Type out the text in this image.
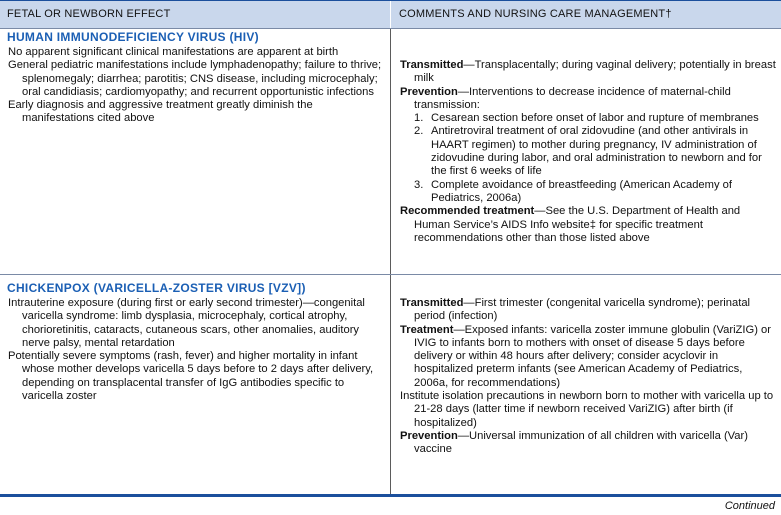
FETAL OR NEWBORN EFFECT	COMMENTS AND NURSING CARE MANAGEMENT†
HUMAN IMMUNODEFICIENCY VIRUS (HIV)

No apparent significant clinical manifestations are apparent at birth

General pediatric manifestations include lymphadenopathy; failure to thrive; splenomegaly; diarrhea; parotitis; CNS disease, including microcephaly; oral candidiasis; cardiomyopathy; and recurrent opportunistic infections

Early diagnosis and aggressive treatment greatly diminish the manifestations cited above

Transmitted—Transplacentally; during vaginal delivery; potentially in breast milk

Prevention—Interventions to decrease incidence of maternal-child transmission:

1. Cesarean section before onset of labor and rupture of membranes
2. Antiretroviral treatment of oral zidovudine (and other antivirals in HAART regimen) to mother during pregnancy, IV administration of zidovudine during labor, and oral administration to newborn and for the first 6 weeks of life
3. Complete avoidance of breastfeeding (American Academy of Pediatrics, 2006a)

Recommended treatment—See the U.S. Department of Health and Human Service’s AIDS Info website‡ for specific treatment recommendations other than those listed above

CHICKENPOX (VARICELLA-ZOSTER VIRUS [VZV])

Intrauterine exposure (during first or early second trimester)—congenital varicella syndrome: limb dysplasia, microcephaly, cortical atrophy, chorioretinitis, cataracts, cutaneous scars, other anomalies, auditory nerve palsy, mental retardation

Potentially severe symptoms (rash, fever) and higher mortality in infant whose mother develops varicella 5 days before to 2 days after delivery, depending on transplacental transfer of IgG antibodies specific to varicella zoster

Transmitted—First trimester (congenital varicella syndrome); perinatal period (infection)

Treatment—Exposed infants: varicella zoster immune globulin (VariZIG) or IVIG to infants born to mothers with onset of disease 5 days before delivery or within 48 hours after delivery; consider acyclovir in hospitalized preterm infants (see American Academy of Pediatrics, 2006a, for recommendations)

Institute isolation precautions in newborn born to mother with varicella up to 21-28 days (latter time if newborn received VariZIG) after birth (if hospitalized)

Prevention—Universal immunization of all children with varicella (Var) vaccine

Continued
